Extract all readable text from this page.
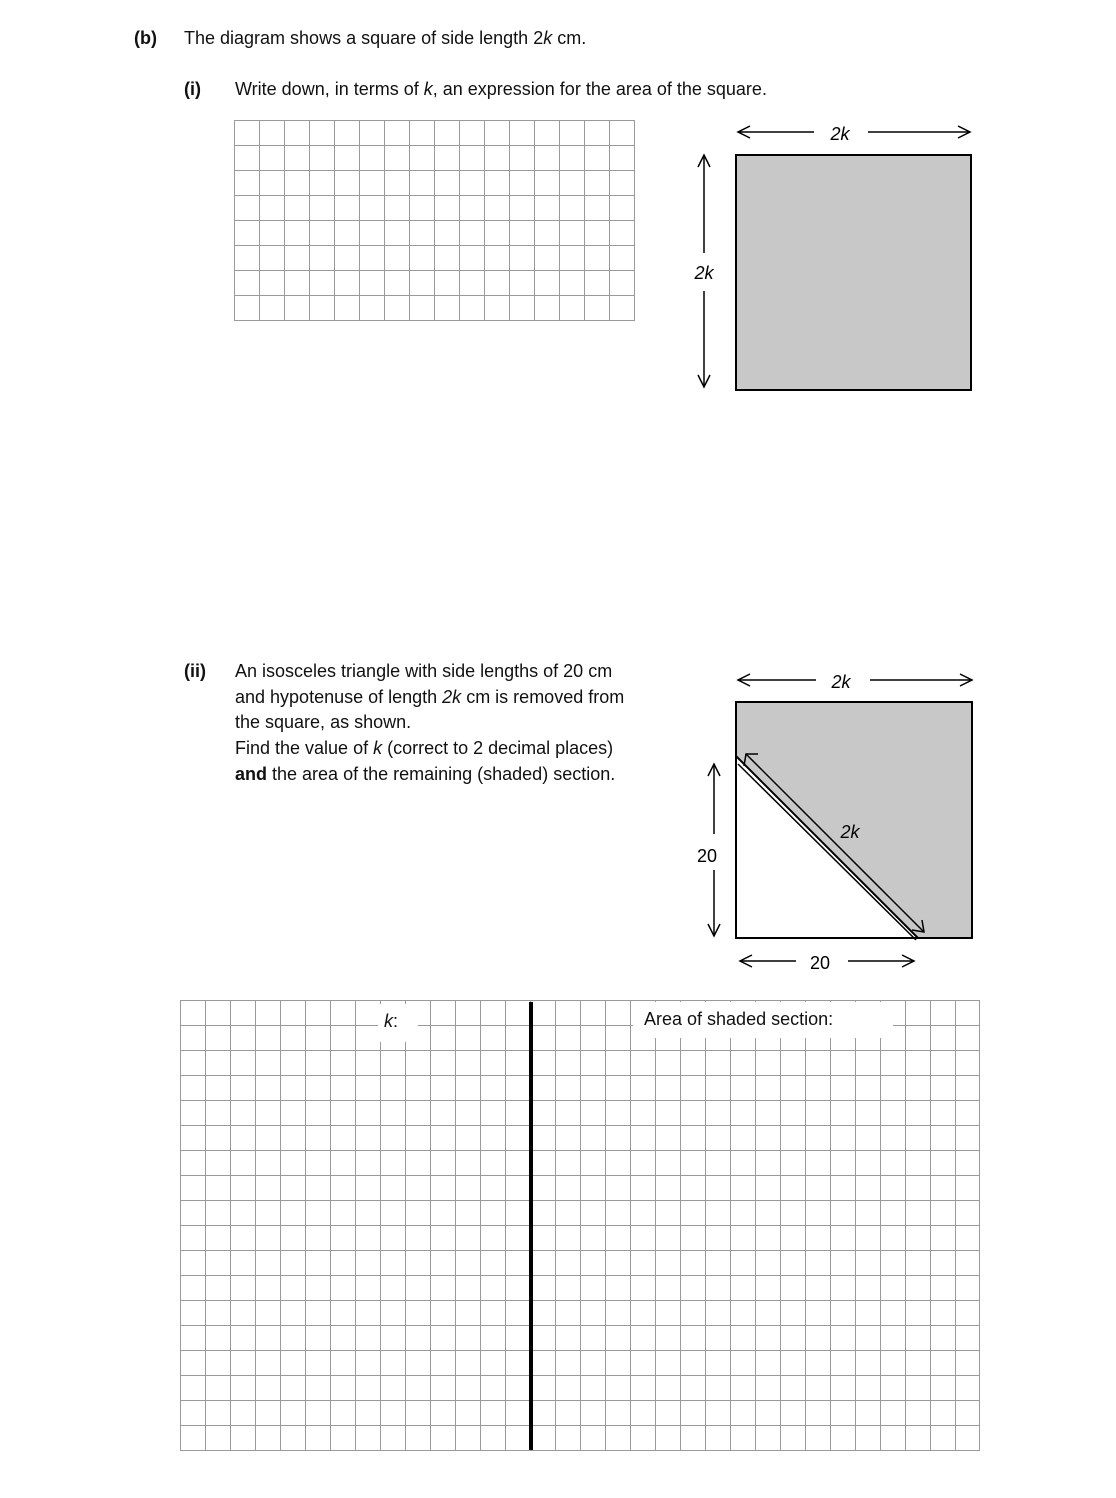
(b) The diagram shows a square of side length 2k cm.
(i) Write down, in terms of k, an expression for the area of the square.
2k
2k
(ii) An isosceles triangle with side lengths of 20 cm
and hypotenuse of length 2k cm is removed from
the square, as shown.
Find the value of k (correct to 2 decimal places)
and the area of the remaining (shaded) section.
2k
2k
20
20
k:	Area of shaded section:
